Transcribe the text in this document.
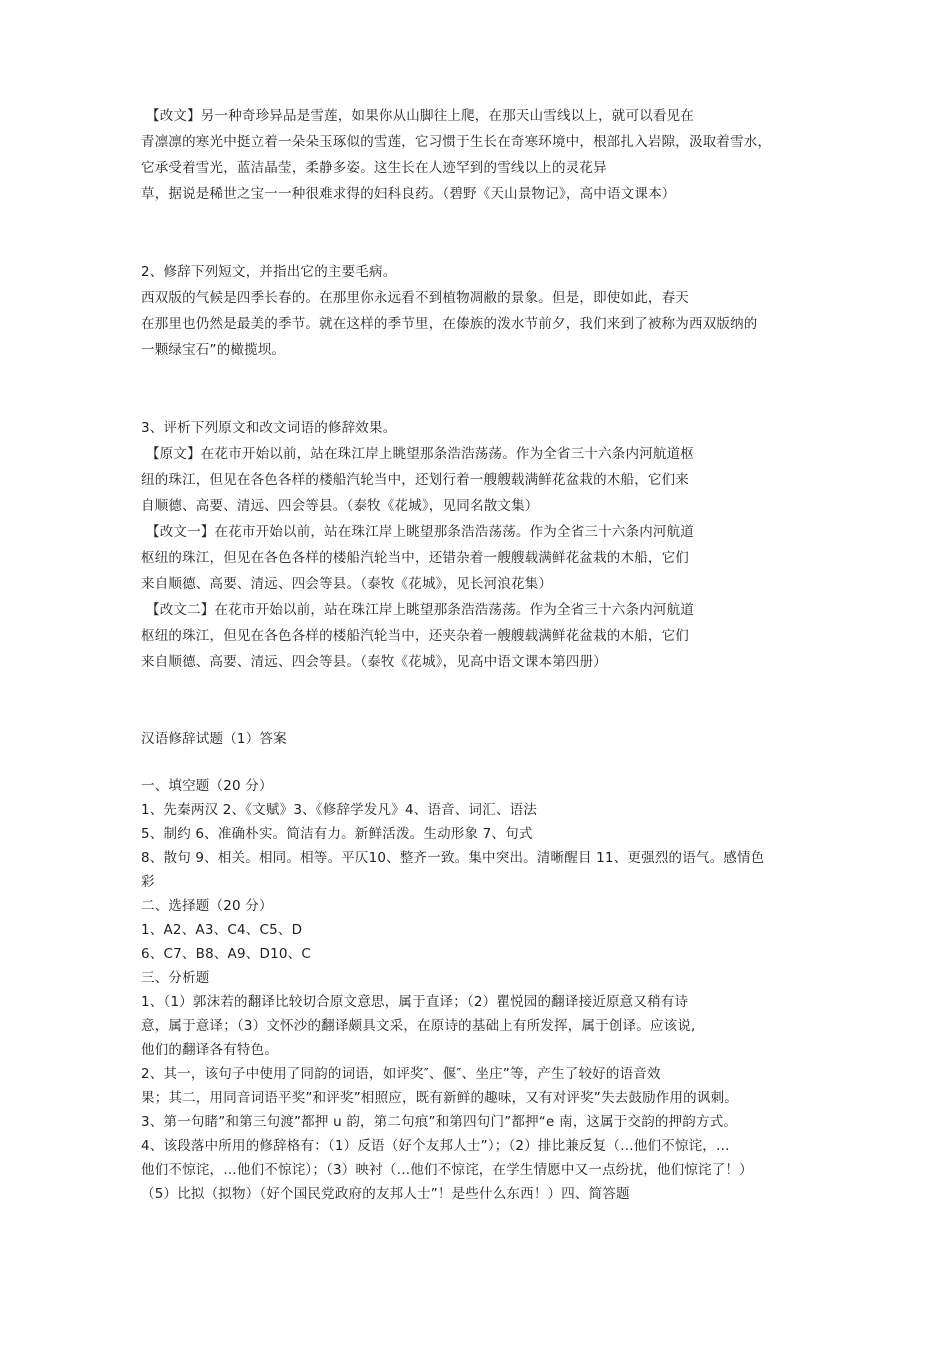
【改文】另一种奇珍异品是雪莲，如果你从山脚往上爬，在那天山雪线以上，就可以看见在
青凛凛的寒光中挺立着一朵朵玉琢似的雪莲，它习惯于生长在奇寒环境中，根部扎入岩隙，汲取着雪水，
它承受着雪光，蓝洁晶莹，柔静多姿。这生长在人迹罕到的雪线以上的灵花异
草，据说是稀世之宝一一种很难求得的妇科良药。（碧野《天山景物记》，高中语文课本）
2、修辞下列短文，并指出它的主要毛病。
西双版的气候是四季长春的。在那里你永远看不到植物凋敝的景象。但是，即使如此，春天
在那里也仍然是最美的季节。就在这样的季节里，在傣族的泼水节前夕，我们来到了被称为西双版纳的
一颗绿宝石”的橄揽坝。
3、评析下列原文和改文词语的修辞效果。
【原文】在花市开始以前，站在珠江岸上眺望那条浩浩荡荡。作为全省三十六条内河航道枢
纽的珠江，但见在各色各样的楼船汽轮当中，还划行着一艘艘载满鲜花盆栽的木船，它们来
自顺德、高要、清远、四会等县。（泰牧《花城》，见同名散文集）
【改文一】在花市开始以前，站在珠江岸上眺望那条浩浩荡荡。作为全省三十六条内河航道
枢纽的珠江，但见在各色各样的楼船汽轮当中，还错杂着一艘艘载满鲜花盆栽的木船，它们
来自顺德、高要、清远、四会等县。（泰牧《花城》，见长河浪花集）
【改文二】在花市开始以前，站在珠江岸上眺望那条浩浩荡荡。作为全省三十六条内河航道
枢纽的珠江，但见在各色各样的楼船汽轮当中，还夹杂着一艘艘载满鲜花盆栽的木船，它们
来自顺德、高要、清远、四会等县。（泰牧《花城》，见高中语文课本第四册）
汉语修辞试题（1）答案
一、填空题（20 分）
1、先秦两汉 2、《文赋》3、《修辞学发凡》4、语音、词汇、语法
5、制约 6、准确朴实。简洁有力。新鲜活泼。生动形象 7、句式
8、散句 9、相关。相同。相等。平仄10、整齐一致。集中突出。清晰醒目 11、更强烈的语气。感情色
彩
二、选择题（20 分）
1、A2、A3、C4、C5、D
6、C7、B8、A9、D10、C
三、分析题
1、（1）郭沫若的翻译比较切合原文意思，属于直译；（2）瞿悦园的翻译接近原意又稍有诗
意，属于意译；（3）文怀沙的翻译颇具文采，在原诗的基础上有所发挥，属于创译。应该说,
他们的翻译各有特色。
2、其一，该句子中使用了同韵的词语，如评奖″、偃″、坐庄”等，产生了较好的语音效
果；其二，用同音词语平奖”和评奖”相照应，既有新鲜的趣味，又有对评奖”失去鼓励作用的讽刺。
3、第一句睹”和第三句渡”都押 u 韵，第二句痕”和第四句门”都押“e 南，这属于交韵的押韵方式。
4、该段落中所用的修辞格有：（1）反语（好个友邦人士”）；（2）排比兼反复（…他们不惊诧，…
他们不惊诧，…他们不惊诧）；（3）映衬（…他们不惊诧，在学生情愿中又一点纷扰，他们惊诧了！）
（5）比拟（拟物）（好个国民党政府的友邦人士”！是些什么东西！）四、简答题
